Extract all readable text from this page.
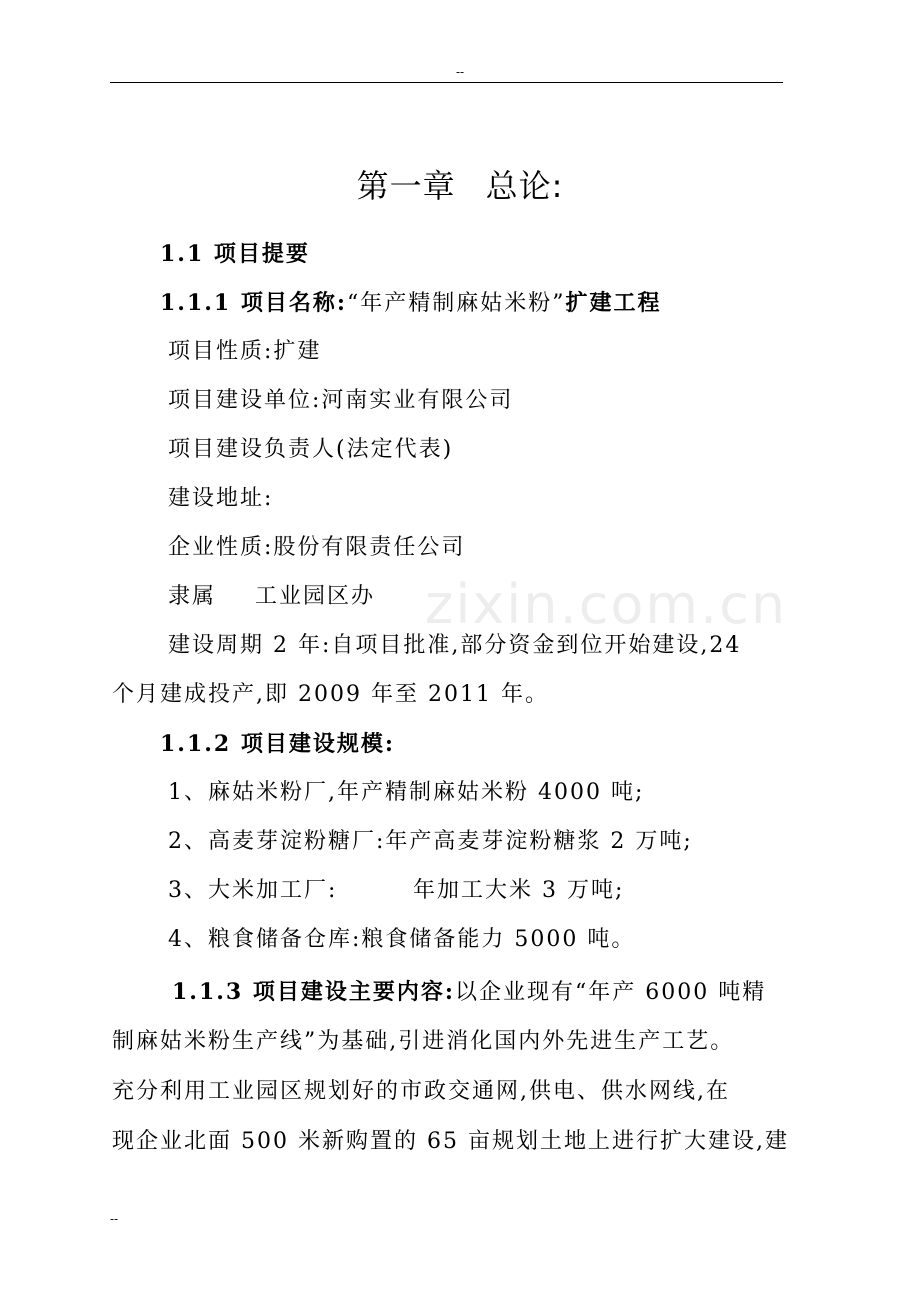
--
第一章 总论:
1.1 项目提要
1.1.1 项目名称:“年产精制麻姑米粉”扩建工程
项目性质:扩建
项目建设单位:河南实业有限公司
项目建设负责人(法定代表)
建设地址:
企业性质:股份有限责任公司
隶属 工业园区办
建设周期 2 年:自项目批准,部分资金到位开始建设,24
个月建成投产,即 2009 年至 2011 年。
1.1.2 项目建设规模:
1、麻姑米粉厂,年产精制麻姑米粉 4000 吨;
2、高麦芽淀粉糖厂:年产高麦芽淀粉糖浆 2 万吨;
3、大米加工厂:	年加工大米 3 万吨;
4、粮食储备仓库:粮食储备能力 5000 吨。
1.1.3 项目建设主要内容:以企业现有“年产 6000 吨精
制麻姑米粉生产线”为基础,引进消化国内外先进生产工艺。
充分利用工业园区规划好的市政交通网,供电、供水网线,在
现企业北面 500 米新购置的 65 亩规划土地上进行扩大建设,建
zixin.com.cn
--
